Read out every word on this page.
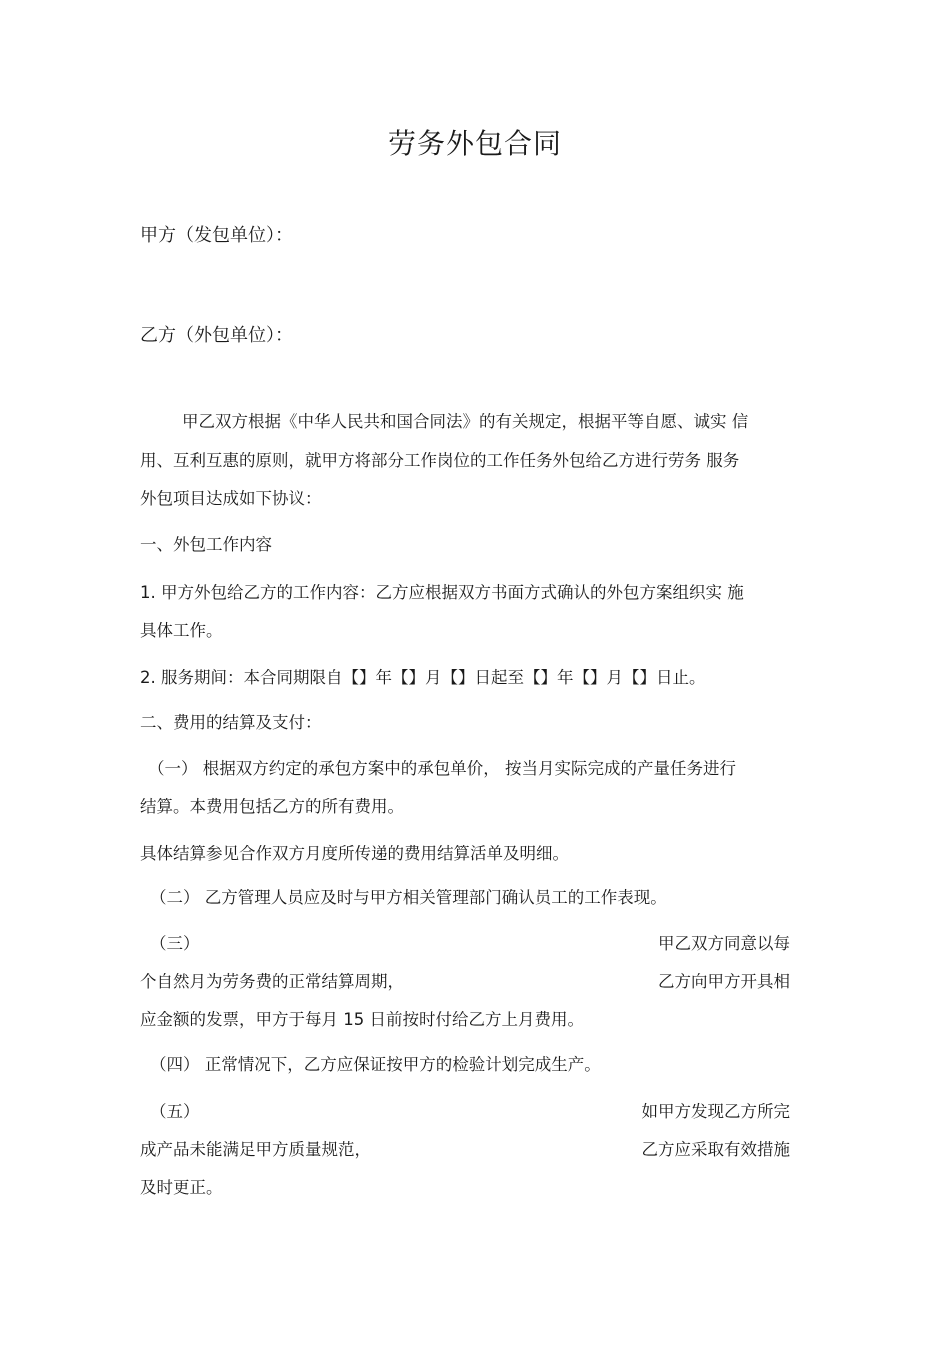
劳务外包合同
甲方（发包单位）：
乙方（外包单位）：
甲乙双方根据《中华人民共和国合同法》的有关规定，根据平等自愿、诚实 信
用、互利互惠的原则，就甲方将部分工作岗位的工作任务外包给乙方进行劳务 服务
外包项目达成如下协议：
一、外包工作内容
1. 甲方外包给乙方的工作内容：乙方应根据双方书面方式确认的外包方案组织实 施
具体工作。
2. 服务期间：本合同期限自【】年【】月【】日起至【】年【】月【】日止。
二、费用的结算及支付：
（一） 根据双方约定的承包方案中的承包单价， 按当月实际完成的产量任务进行
结算。本费用包括乙方的所有费用。
具体结算参见合作双方月度所传递的费用结算活单及明细。
（二） 乙方管理人员应及时与甲方相关管理部门确认员工的工作表现。
（三）	甲乙双方同意以每
个自然月为劳务费的正常结算周期，	乙方向甲方开具相
应金额的发票，甲方于每月 15 日前按时付给乙方上月费用。
（四） 正常情况下，乙方应保证按甲方的检验计划完成生产。
（五）	如甲方发现乙方所完
成产品未能满足甲方质量规范，	乙方应采取有效措施
及时更正。
